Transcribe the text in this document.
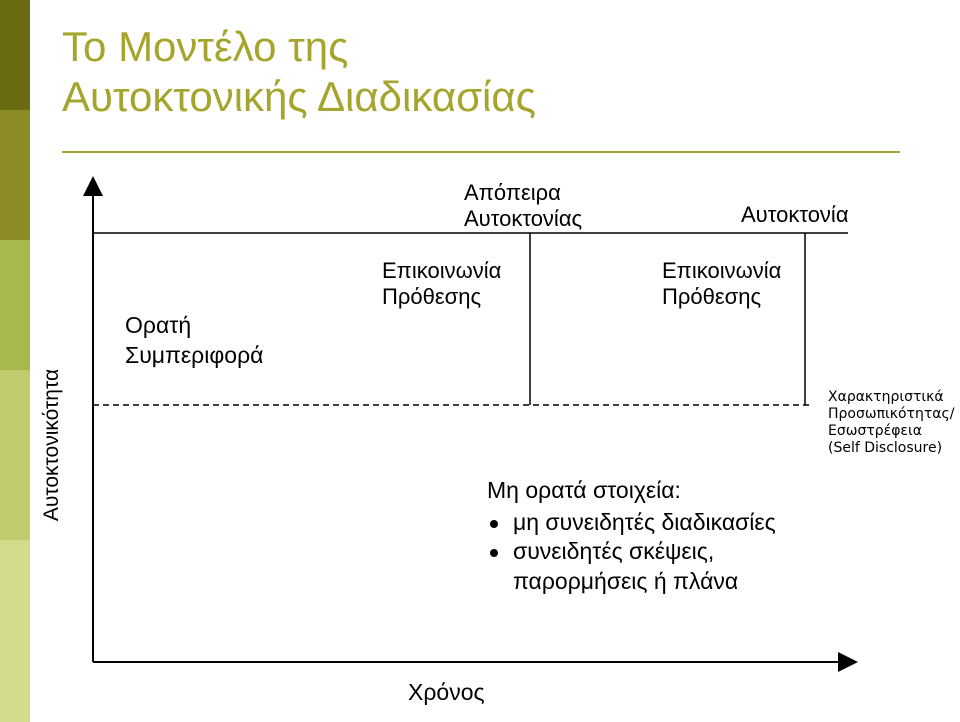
Το Μοντέλο της
Αυτοκτονικής Διαδικασίας
Απόπειρα
Αυτοκτονίας	Αυτοκτονία
Επικοινωνία
Πρόθεσης
Επικοινωνία
Πρόθεσης
Ορατή
Συμπεριφορά
Αυτοκτονικότητα	Χαρακτηριστικά
Προσωπικότητας/
Εσωστρέφεια
(Self Disclosure)
Μη ορατά στοιχεία:
μη συνειδητές διαδικασίες
συνειδητές σκέψεις,
παρορμήσεις ή πλάνα
Χρόνος
